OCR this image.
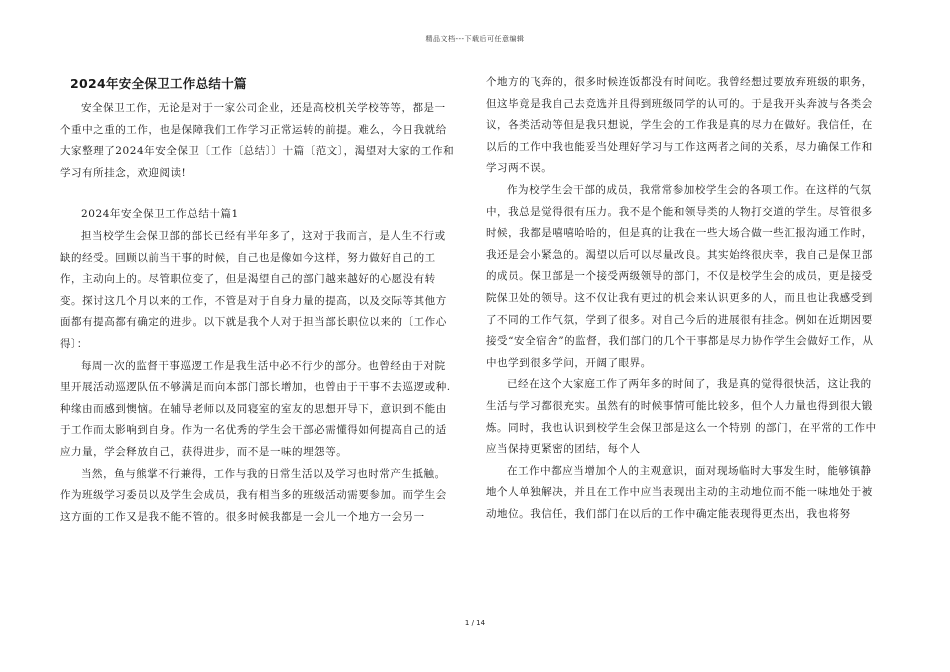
精品文档---下载后可任意编辑
2024年安全保卫工作总结十篇

安全保卫工作，无论是对于一家公司企业，还是高校机关学校等等，都是一个重中之重的工作，也是保障我们工作学习正常运转的前提。难么，今日我就给大家整理了2024年安全保卫〔工作〔总结〕〕十篇〔范文〕，渴望对大家的工作和学习有所挂念，欢迎阅读!

2024年安全保卫工作总结十篇1

担当校学生会保卫部的部长已经有半年多了，这对于我而言，是人生不行或缺的经受。回顾以前当干事的时候，自己也是像如今这样，努力做好自己的工作，主动向上的。尽管职位变了，但是渴望自己的部门越来越好的心愿没有转变。探讨这几个月以来的工作，不管是对于自身力量的提高，以及交际等其他方面都有提高都有确定的进步。以下就是我个人对于担当部长职位以来的〔工作心得〕：

每周一次的监督干事巡逻工作是我生活中必不行少的部分。也曾经由于对院里开展活动巡逻队伍不够满足而向本部门部长增加，也曾由于干事不去巡逻或种.种缘由而感到懊恼。在辅导老师以及同寝室的室友的思想开导下，意识到不能由于工作而太影响到自身。作为一名优秀的学生会干部必需懂得如何提高自己的适应力量，学会释放自己，获得进步，而不是一味的埋怨等。

当然，鱼与熊掌不行兼得，工作与我的日常生活以及学习也时常产生抵触。作为班级学习委员以及学生会成员，我有相当多的班级活动需要参加。而学生会这方面的工作又是我不能不管的。很多时候我都是一会儿一个地方一会另一

个地方的飞奔的，很多时候连饭都没有时间吃。我曾经想过要放弃班级的职务，但这毕竟是我自己去竞选并且得到班级同学的认可的。于是我开头奔波与各类会议，各类活动等但是我只想说，学生会的工作我是真的尽力在做好。我信任，在以后的工作中我也能妥当处理好学习与工作这两者之间的关系，尽力确保工作和学习两不误。

作为校学生会干部的成员，我常常参加校学生会的各项工作。在这样的气氛中，我总是觉得很有压力。我不是个能和领导类的人物打交道的学生。尽管很多时候，我都是嘻嘻哈哈的，但是真的让我在一些大场合做一些汇报沟通工作时，我还是会小紧急的。渴望以后可以尽量改良。其实始终很庆幸，我自己是保卫部的成员。保卫部是一个接受两级领导的部门，不仅是校学生会的成员，更是接受院保卫处的领导。这不仅让我有更过的机会来认识更多的人，而且也让我感受到了不同的工作气氛，学到了很多。对自己今后的进展很有挂念。例如在近期因要接受“安全宿舍”的监督，我们部门的几个干事都是尽力协作学生会做好工作，从中也学到很多学问，开阔了眼界。

已经在这个大家庭工作了两年多的时间了，我是真的觉得很快活，这让我的生活与学习都很充实。虽然有的时候事情可能比较多，但个人力量也得到很大锻炼。同时，我也认识到校学生会保卫部是这么一个特别 的部门，在平常的工作中应当保持更紧密的团结，每个人

在工作中都应当增加个人的主观意识，面对现场临时大事发生时，能够镇静地个人单独解决，并且在工作中应当表现出主动的主动地位而不能一味地处于被动地位。我信任，我们部门在以后的工作中确定能表现得更杰出，我也将努

1 / 14
